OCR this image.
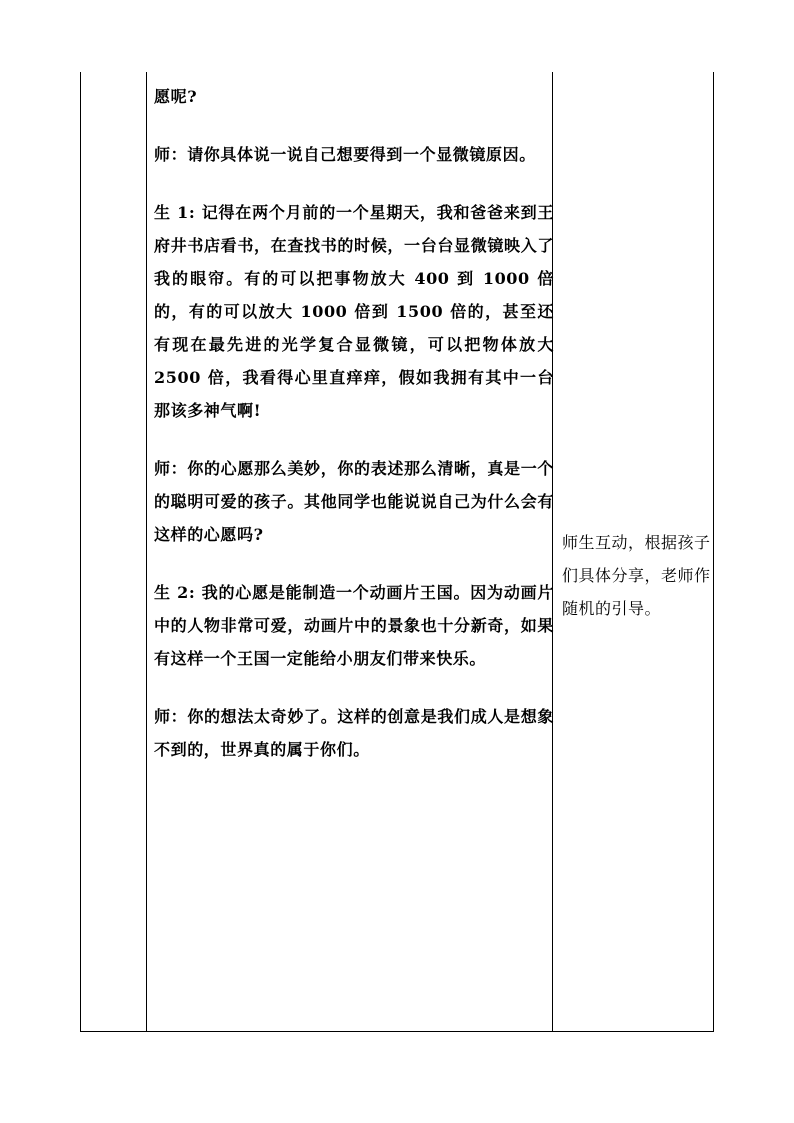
愿呢?

师：请你具体说一说自己想要得到一个显微镜原因。

生 1: 记得在两个月前的一个星期天，我和爸爸来到王府井书店看书，在查找书的时候，一台台显微镜映入了我的眼帘。有的可以把事物放大 400 到 1000 倍的，有的可以放大 1000 倍到 1500 倍的，甚至还有现在最先进的光学复合显微镜，可以把物体放大 2500 倍，我看得心里直痒痒，假如我拥有其中一台那该多神气啊!

师：你的心愿那么美妙，你的表述那么清晰，真是一个的聪明可爱的孩子。其他同学也能说说自己为什么会有这样的心愿吗?

生 2: 我的心愿是能制造一个动画片王国。因为动画片中的人物非常可爱，动画片中的景象也十分新奇，如果有这样一个王国一定能给小朋友们带来快乐。

师：你的想法太奇妙了。这样的创意是我们成人是想象不到的，世界真的属于你们。

师生互动，根据孩子们具体分享，老师作随机的引导。
